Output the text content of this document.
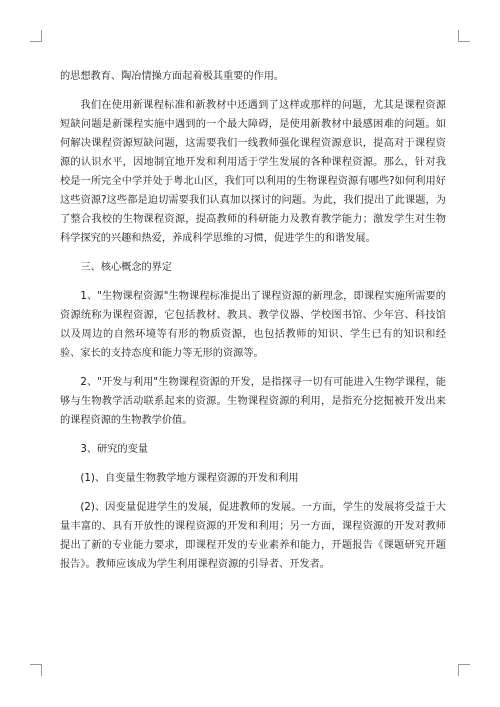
的思想教育、陶冶情操方面起着极其重要的作用。

我们在使用新课程标准和新教材中还遇到了这样或那样的问题，尤其是课程资源短缺问题是新课程实施中遇到的一个最大障碍，是使用新教材中最感困难的问题。如何解决课程资源短缺问题，这需要我们一线教师强化课程资源意识，提高对于课程资源的认识水平，因地制宜地开发和利用适于学生发展的各种课程资源。那么，针对我校是一所完全中学并处于粤北山区，我们可以利用的生物课程资源有哪些?如何利用好这些资源?这些都是迫切需要我们认真加以探讨的问题。为此，我们提出了此课题，为了整合我校的生物课程资源，提高教师的科研能力及教育教学能力；激发学生对生物科学探究的兴趣和热爱，养成科学思维的习惯，促进学生的和谐发展。

三、核心概念的界定

1、"生物课程资源"生物课程标准提出了课程资源的新理念，即课程实施所需要的资源统称为课程资源，它包括教材、教具、教学仪器、学校图书馆、少年宫、科技馆以及周边的自然环境等有形的物质资源，也包括教师的知识、学生已有的知识和经验、家长的支持态度和能力等无形的资源等。

2、"开发与利用"生物课程资源的开发，是指探寻一切有可能进入生物学课程，能够与生物教学活动联系起来的资源。生物课程资源的利用，是指充分挖掘被开发出来的课程资源的生物教学价值。

3、研究的变量

(1)、自变量生物教学地方课程资源的开发和利用

(2)、因变量促进学生的发展，促进教师的发展。一方面，学生的发展将受益于大量丰富的、具有开放性的课程资源的开发和利用；另一方面，课程资源的开发对教师提出了新的专业能力要求，即课程开发的专业素养和能力，开题报告《课题研究开题报告》。教师应该成为学生利用课程资源的引导者、开发者。
